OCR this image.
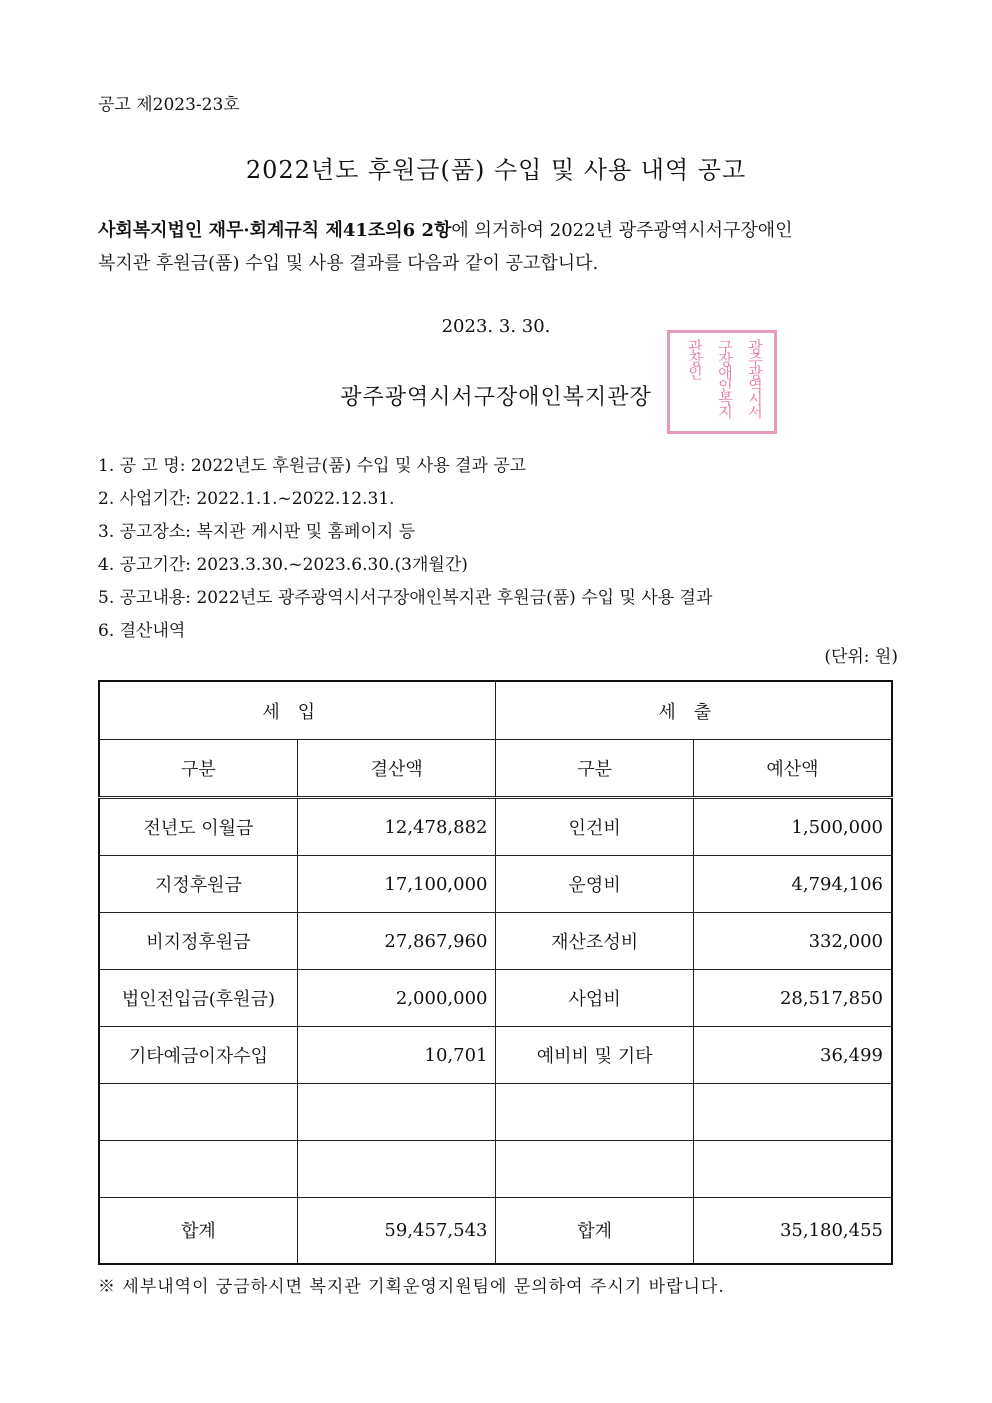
공고 제2023-23호
2022년도 후원금(품) 수입 및 사용 내역 공고
사회복지법인 재무·회계규칙 제41조의6 2항에 의거하여 2022년 광주광역시서구장애인
복지관 후원금(품) 수입 및 사용 결과를 다음과 같이 공고합니다.
2023. 3. 30.
광주광역시서구장애인복지관장	광주광역시서구장애인복지관장인
1. 공 고 명: 2022년도 후원금(품) 수입 및 사용 결과 공고
2. 사업기간: 2022.1.1.~2022.12.31.
3. 공고장소: 복지관 게시판 및 홈페이지 등
4. 공고기간: 2023.3.30.~2023.6.30.(3개월간)
5. 공고내용: 2022년도 광주광역시서구장애인복지관 후원금(품) 수입 및 사용 결과
6. 결산내역
(단위: 원)
세입		세출	
구분	결산액	구분	예산액
전년도 이월금	12,478,882	인건비	1,500,000
지정후원금	17,100,000	운영비	4,794,106
비지정후원금	27,867,960	재산조성비	332,000
법인전입금(후원금)	2,000,000	사업비	28,517,850
기타예금이자수입	10,701	예비비 및 기타	36,499

합계	59,457,543	합계	35,180,455
※ 세부내역이 궁금하시면 복지관 기획운영지원팀에 문의하여 주시기 바랍니다.
